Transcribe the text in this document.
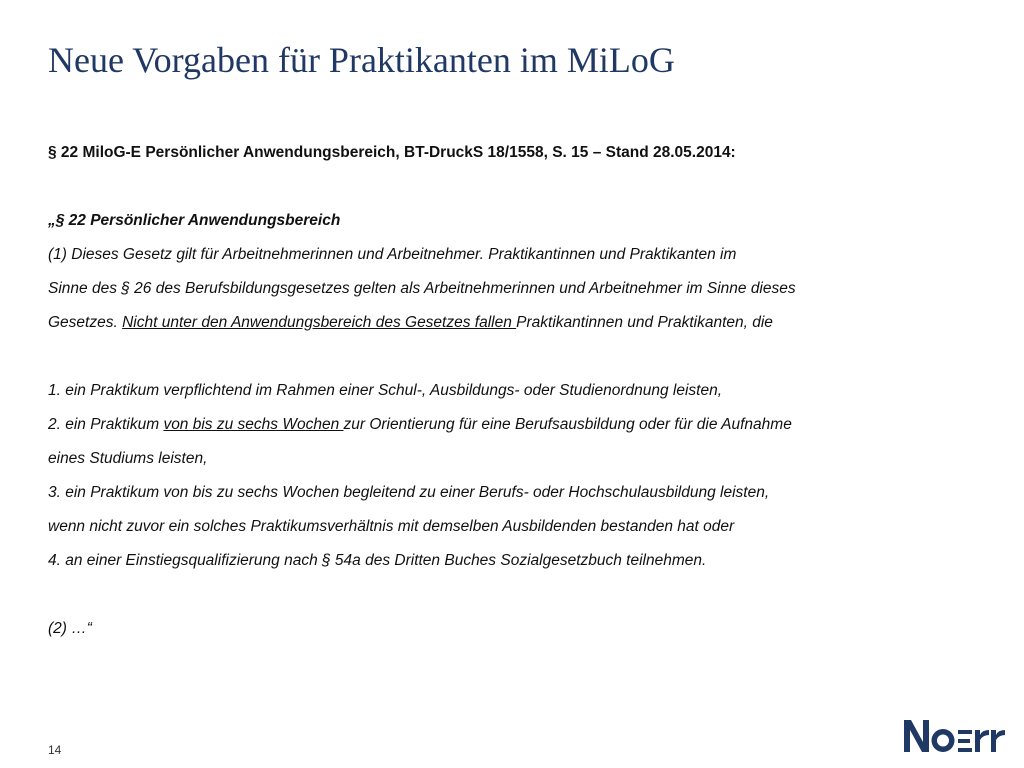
Neue Vorgaben für Praktikanten im MiLoG
§ 22 MiloG-E Persönlicher Anwendungsbereich, BT-DruckS 18/1558, S. 15 – Stand 28.05.2014:
„§ 22 Persönlicher Anwendungsbereich
(1) Dieses Gesetz gilt für Arbeitnehmerinnen und Arbeitnehmer. Praktikantinnen und Praktikanten im
Sinne des § 26 des Berufsbildungsgesetzes gelten als Arbeitnehmerinnen und Arbeitnehmer im Sinne dieses
Gesetzes. Nicht unter den Anwendungsbereich des Gesetzes fallen Praktikantinnen und Praktikanten, die
1. ein Praktikum verpflichtend im Rahmen einer Schul-, Ausbildungs- oder Studienordnung leisten,
2. ein Praktikum von bis zu sechs Wochen zur Orientierung für eine Berufsausbildung oder für die Aufnahme
eines Studiums leisten,
3. ein Praktikum von bis zu sechs Wochen begleitend zu einer Berufs- oder Hochschulausbildung leisten,
wenn nicht zuvor ein solches Praktikumsverhältnis mit demselben Ausbildenden bestanden hat oder
4. an einer Einstiegsqualifizierung nach § 54a des Dritten Buches Sozialgesetzbuch teilnehmen.
(2) …“
14
